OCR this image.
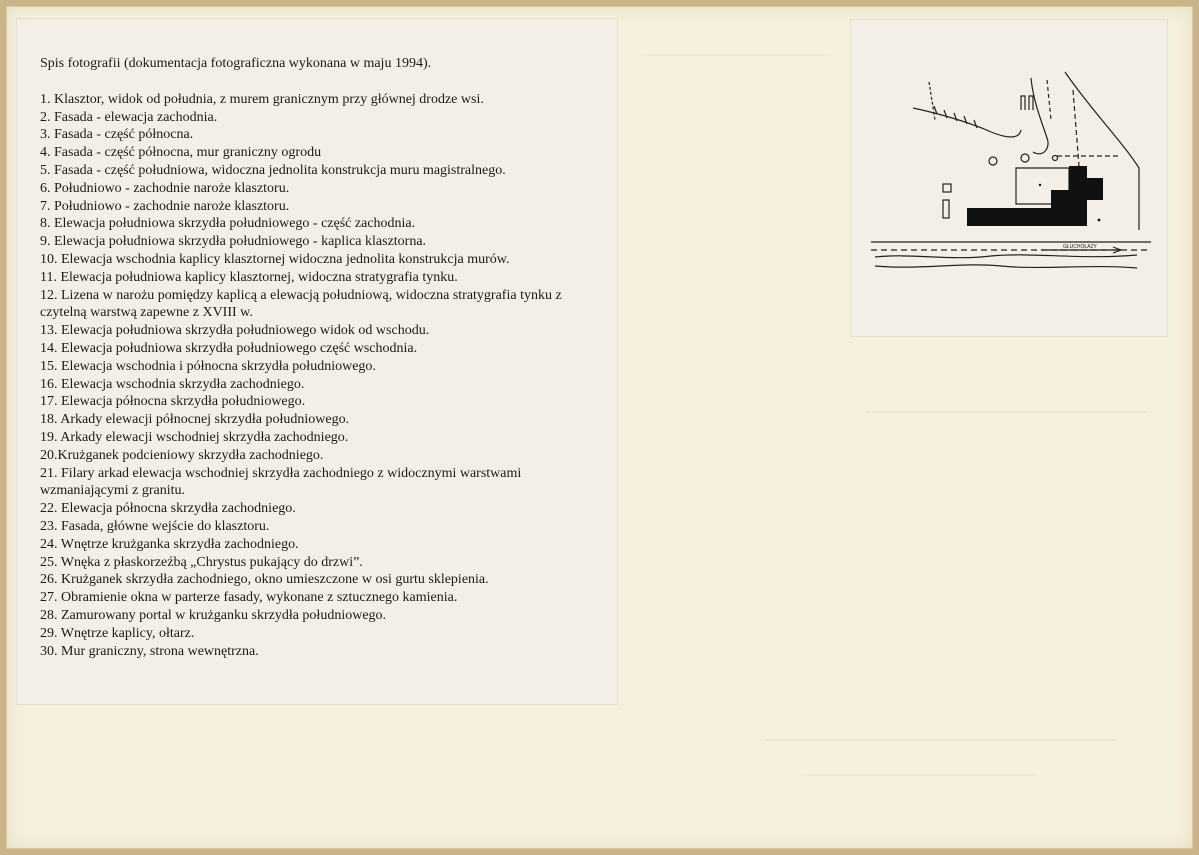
Spis fotografii (dokumentacja fotograficzna wykonana w maju 1994).

1. Klasztor, widok od południa, z murem granicznym przy głównej drodze wsi.

2. Fasada - elewacja zachodnia.

3. Fasada - część północna.

4. Fasada - część północna, mur graniczny ogrodu

5. Fasada - część południowa, widoczna jednolita konstrukcja muru magistralnego.

6. Południowo - zachodnie naroże klasztoru.

7. Południowo - zachodnie naroże klasztoru.

8. Elewacja południowa skrzydła południowego - część zachodnia.

9. Elewacja południowa skrzydła południowego - kaplica klasztorna.

10. Elewacja wschodnia kaplicy klasztornej widoczna jednolita konstrukcja murów.

11. Elewacja południowa kaplicy klasztornej, widoczna stratygrafia tynku.

12. Lizena w narożu pomiędzy kaplicą a elewacją południową, widoczna stratygrafia tynku z czytelną warstwą zapewne z XVIII w.

13. Elewacja południowa skrzydła południowego widok od wschodu.

14. Elewacja południowa skrzydła południowego część wschodnia.

15. Elewacja wschodnia i północna skrzydła południowego.

16. Elewacja wschodnia skrzydła zachodniego.

17. Elewacja północna skrzydła południowego.

18. Arkady elewacji północnej skrzydła południowego.

19. Arkady elewacji wschodniej skrzydła zachodniego.

20.Krużganek podcieniowy skrzydła zachodniego.

21. Filary arkad elewacja wschodniej skrzydła zachodniego z widocznymi warstwami wzmaniającymi z granitu.

22. Elewacja północna skrzydła zachodniego.

23. Fasada, główne wejście do klasztoru.

24. Wnętrze krużganka skrzydła zachodniego.

25. Wnęka z płaskorzeźbą „Chrystus pukający do drzwi”.

26. Krużganek skrzydła zachodniego, okno umieszczone w osi gurtu sklepienia.

27. Obramienie okna w parterze fasady, wykonane z sztucznego kamienia.

28. Zamurowany portal w krużganku skrzydła południowego.

29. Wnętrze kaplicy, ołtarz.

30. Mur graniczny, strona wewnętrzna.

GŁUCHOŁAZY
